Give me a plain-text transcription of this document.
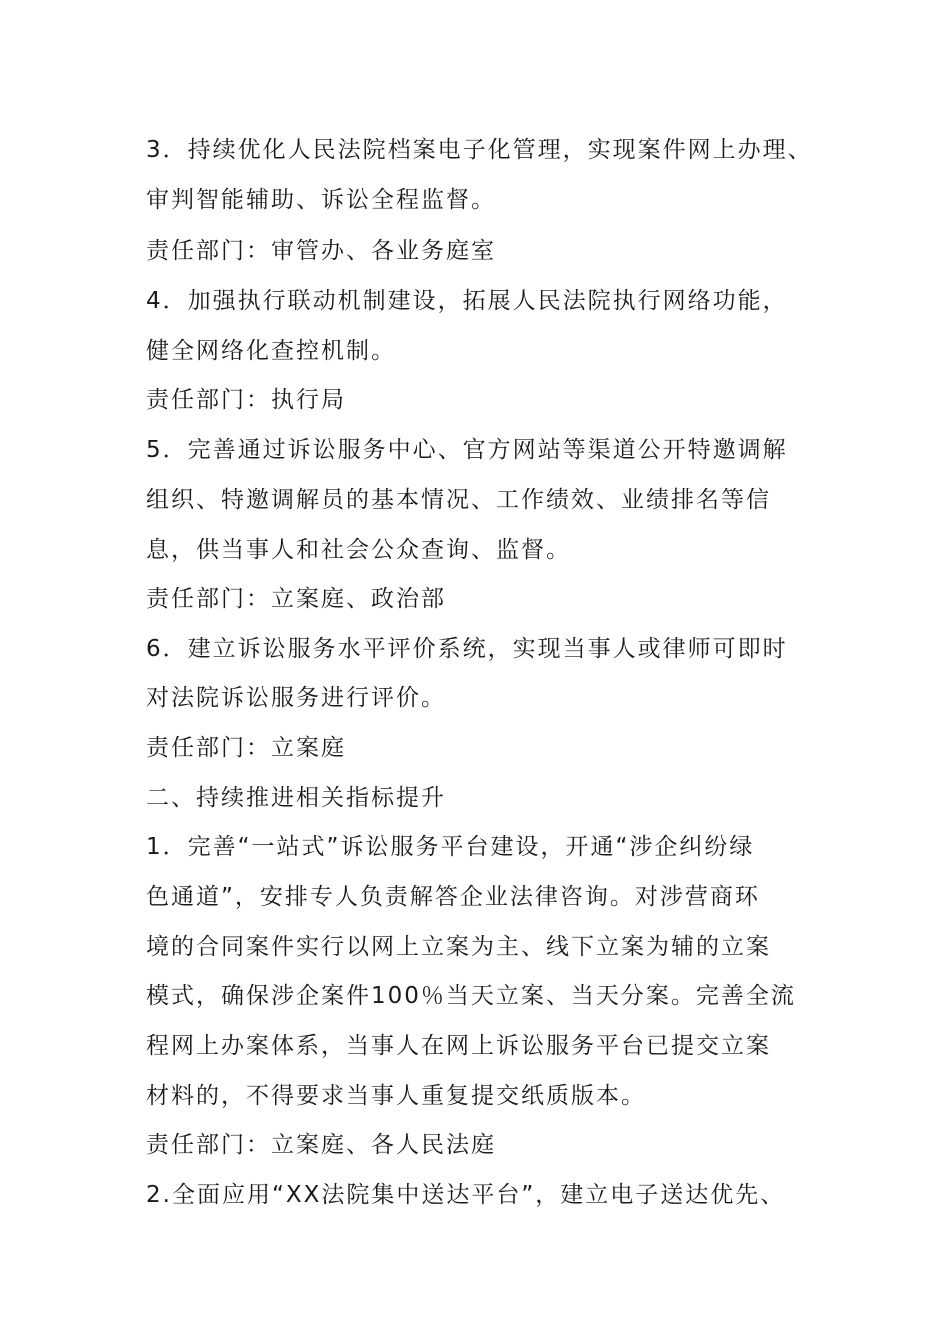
3．持续优化人民法院档案电子化管理，实现案件网上办理、
审判智能辅助、诉讼全程监督。
责任部门：审管办、各业务庭室
4．加强执行联动机制建设，拓展人民法院执行网络功能，
健全网络化查控机制。
责任部门：执行局
5．完善通过诉讼服务中心、官方网站等渠道公开特邀调解
组织、特邀调解员的基本情况、工作绩效、业绩排名等信
息，供当事人和社会公众查询、监督。
责任部门：立案庭、政治部
6．建立诉讼服务水平评价系统，实现当事人或律师可即时
对法院诉讼服务进行评价。
责任部门：立案庭
二、持续推进相关指标提升
1．完善“一站式”诉讼服务平台建设，开通“涉企纠纷绿
色通道”，安排专人负责解答企业法律咨询。对涉营商环
境的合同案件实行以网上立案为主、线下立案为辅的立案
模式，确保涉企案件100％当天立案、当天分案。完善全流
程网上办案体系，当事人在网上诉讼服务平台已提交立案
材料的，不得要求当事人重复提交纸质版本。
责任部门：立案庭、各人民法庭
2.全面应用“XX法院集中送达平台”，建立电子送达优先、
